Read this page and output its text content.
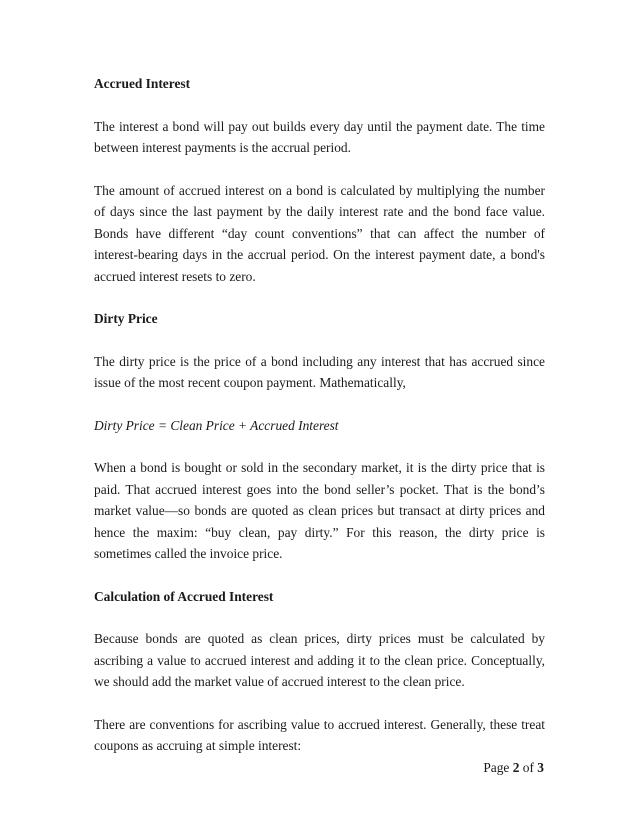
Accrued Interest

The interest a bond will pay out builds every day until the payment date. The time between interest payments is the accrual period.

The amount of accrued interest on a bond is calculated by multiplying the number of days since the last payment by the daily interest rate and the bond face value. Bonds have different “day count conventions” that can affect the number of interest-bearing days in the accrual period. On the interest payment date, a bond's accrued interest resets to zero.

Dirty Price

The dirty price is the price of a bond including any interest that has accrued since issue of the most recent coupon payment. Mathematically,

Dirty Price = Clean Price + Accrued Interest

When a bond is bought or sold in the secondary market, it is the dirty price that is paid. That accrued interest goes into the bond seller’s pocket. That is the bond’s market value—so bonds are quoted as clean prices but transact at dirty prices and hence the maxim: “buy clean, pay dirty.” For this reason, the dirty price is sometimes called the invoice price.

Calculation of Accrued Interest

Because bonds are quoted as clean prices, dirty prices must be calculated by ascribing a value to accrued interest and adding it to the clean price. Conceptually, we should add the market value of accrued interest to the clean price.

There are conventions for ascribing value to accrued interest. Generally, these treat coupons as accruing at simple interest:

Page 2 of 3
